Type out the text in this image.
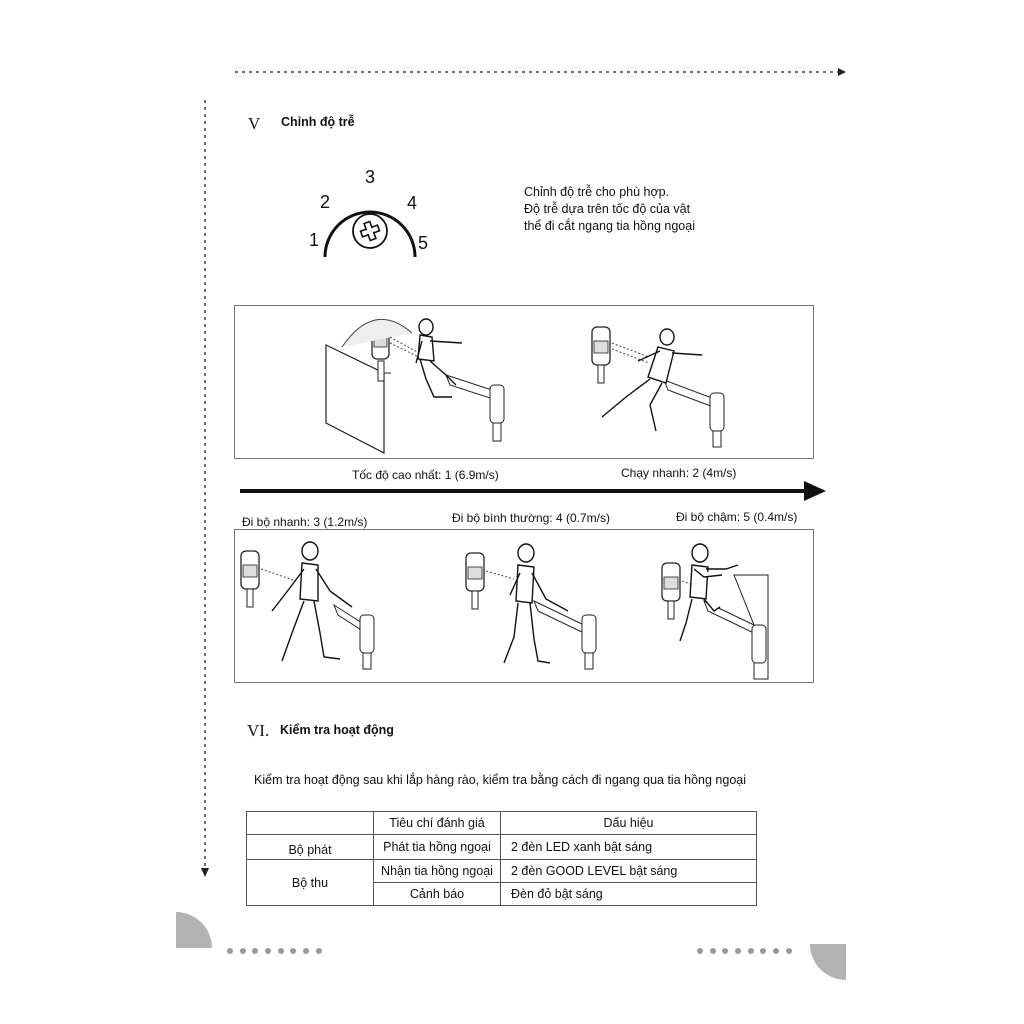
V Chỉnh độ trễ
1
2
3
4
5
Chỉnh độ trễ cho phù hợp.
Độ trễ dựa trên tốc độ của vật
thể đi cắt ngang tia hồng ngoại
Tốc độ cao nhất: 1 (6.9m/s)	Chạy nhanh: 2 (4m/s)
Đi bộ nhanh: 3 (1.2m/s)	Đi bộ bình thường: 4 (0.7m/s)	Đi bộ chậm: 5 (0.4m/s)
VI. Kiểm tra hoạt động
Kiểm tra hoạt động sau khi lắp hàng rào, kiểm tra bằng cách đi ngang qua tia hồng ngoại
	Tiêu chí đánh giá	Dấu hiệu
Bộ phát	Phát tia hồng ngoại	2 đèn LED xanh bật sáng
Bộ thu	Nhận tia hồng ngoại	2 đèn GOOD LEVEL bật sáng
	Cảnh báo	Đèn đỏ bật sáng
